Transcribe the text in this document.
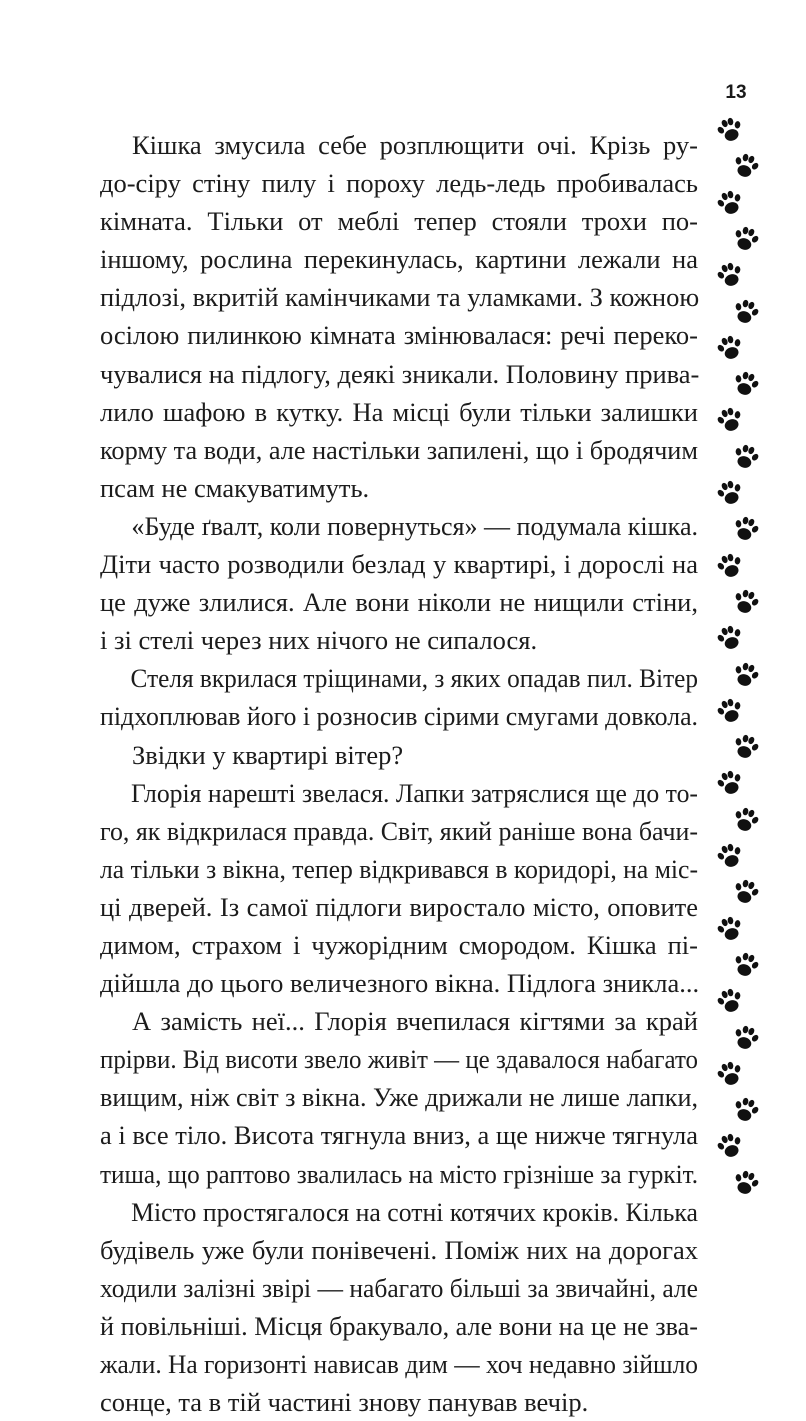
13
Кішка змусила себе розплющити очі. Крізь ру-
до-сіру стіну пилу і пороху ледь-ледь пробивалась
кімната. Тільки от меблі тепер стояли трохи по-
іншому, рослина перекинулась, картини лежали на
підлозі, вкритій камінчиками та уламками. З кожною
осілою пилинкою кімната змінювалася: речі переко-
чувалися на підлогу, деякі зникали. Половину прива-
лило шафою в кутку. На місці були тільки залишки
корму та води, але настільки запилені, що і бродячим
псам не смакуватимуть.
«Буде ґвалт, коли повернуться» — подумала кішка.
Діти часто розводили безлад у квартирі, і дорослі на
це дуже злилися. Але вони ніколи не нищили стіни,
і зі стелі через них нічого не сипалося.
Стеля вкрилася тріщинами, з яких опадав пил. Вітер
підхоплював його і розносив сірими смугами довкола.
Звідки у квартирі вітер?
Глорія нарешті звелася. Лапки затряслися ще до то-
го, як відкрилася правда. Світ, який раніше вона бачи-
ла тільки з вікна, тепер відкривався в коридорі, на міс-
ці дверей. Із самої підлоги виростало місто, оповите
димом, страхом і чужорідним смородом. Кішка пі-
дійшла до цього величезного вікна. Підлога зникла...
А замість неї... Глорія вчепилася кігтями за край
прірви. Від висоти звело живіт — це здавалося набагато
вищим, ніж світ з вікна. Уже дрижали не лише лапки,
а і все тіло. Висота тягнула вниз, а ще нижче тягнула
тиша, що раптово звалилась на місто грізніше за гуркіт.
Місто простягалося на сотні котячих кроків. Кілька
будівель уже були понівечені. Поміж них на дорогах
ходили залізні звірі — набагато більші за звичайні, але
й повільніші. Місця бракувало, але вони на це не зва-
жали. На горизонті нависав дим — хоч недавно зійшло
сонце, та в тій частині знову панував вечір.
